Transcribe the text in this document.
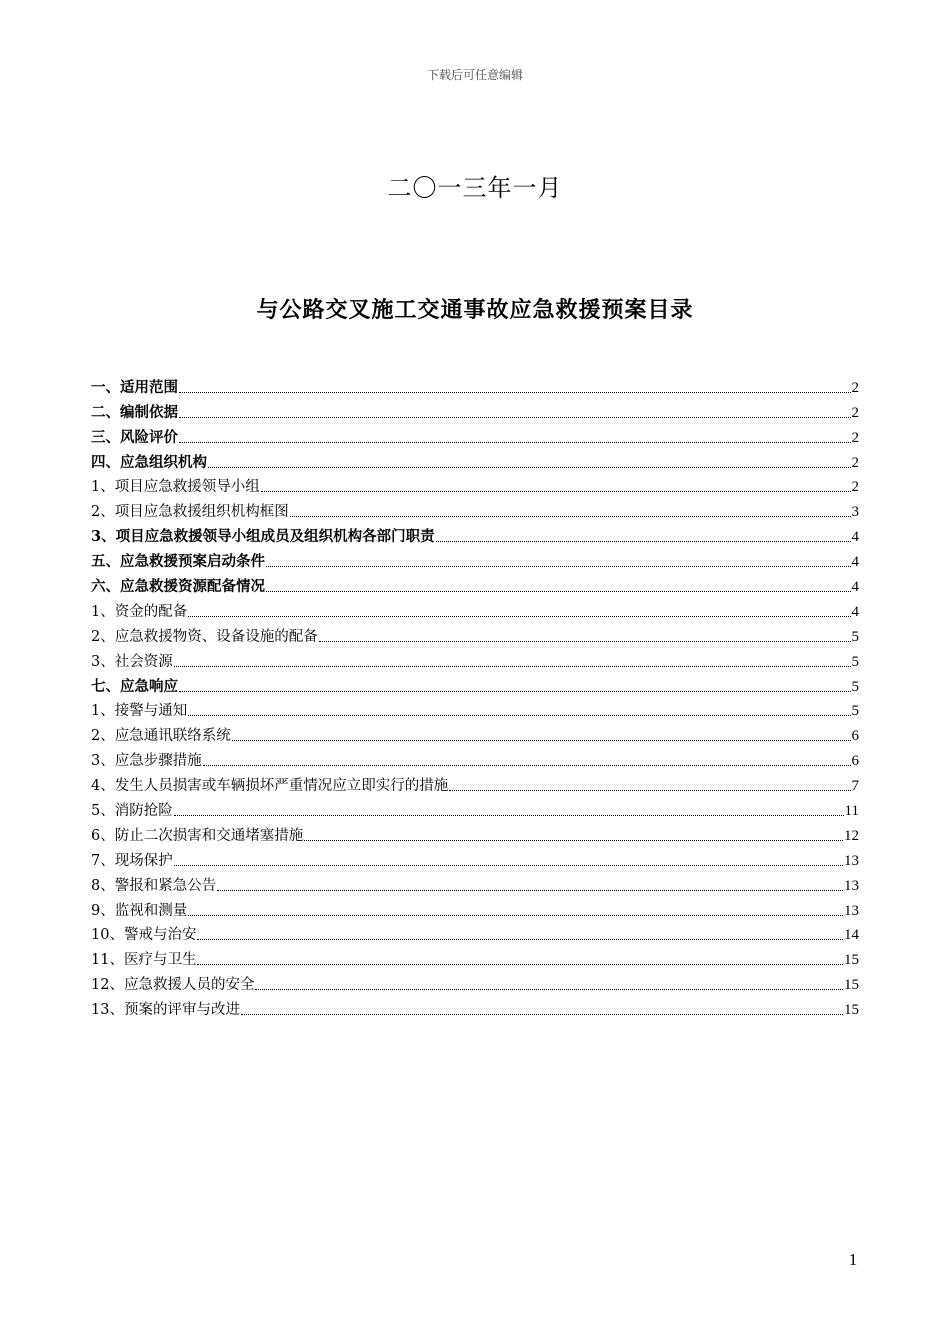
下载后可任意编辑
二〇一三年一月
与公路交叉施工交通事故应急救援预案目录
一、适用范围	2
二、编制依据	2
三、风险评价	2
四、应急组织机构	2
1、项目应急救援领导小组	2
2、项目应急救援组织机构框图	3
3、项目应急救援领导小组成员及组织机构各部门职责	4
五、应急救援预案启动条件	4
六、应急救援资源配备情况	4
1、资金的配备	4
2、应急救援物资、设备设施的配备	5
3、社会资源	5
七、应急响应	5
1、接警与通知	5
2、应急通讯联络系统	6
3、应急步骤措施	6
4、发生人员损害或车辆损坏严重情况应立即实行的措施	7
5、消防抢险	11
6、防止二次损害和交通堵塞措施	12
7、现场保护	13
8、警报和紧急公告	13
9、监视和测量	13
10、警戒与治安	14
11、医疗与卫生	15
12、应急救援人员的安全	15
13、预案的评审与改进	15
1
